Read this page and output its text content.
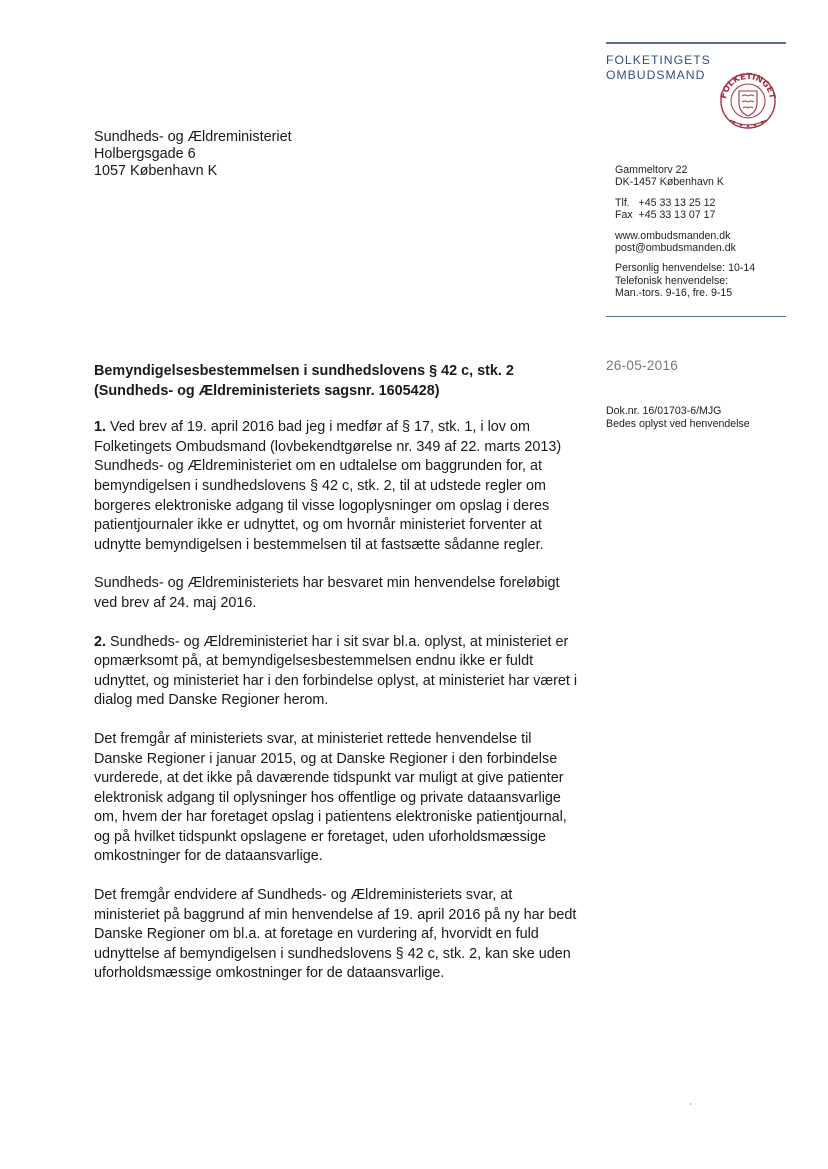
FOLKETINGETS
OMBUDSMAND
FOLKETINGET
Sundheds- og Ældreministeriet
Holbergsgade 6
1057 København K	Gammeltorv 22
DK-1457 København K
Tlf.   +45 33 13 25 12
Fax  +45 33 13 07 17
www.ombudsmanden.dk
post@ombudsmanden.dk
Personlig henvendelse: 10-14
Telefonisk henvendelse:
Man.-tors. 9-16, fre. 9-15
26-05-2016
Dok.nr. 16/01703-6/MJG
Bedes oplyst ved henvendelse
Bemyndigelsesbestemmelsen i sundhedslovens § 42 c, stk. 2 (Sundheds- og Ældreministeriets sagsnr. 1605428)

1. Ved brev af 19. april 2016 bad jeg i medfør af § 17, stk. 1, i lov om Folketingets Ombudsmand (lovbekendtgørelse nr. 349 af 22. marts 2013) Sundheds- og Ældreministeriet om en udtalelse om baggrunden for, at bemyndigelsen i sundhedslovens § 42 c, stk. 2, til at udstede regler om borgeres elektroniske adgang til visse logoplysninger om opslag i deres patientjournaler ikke er udnyttet, og om hvornår ministeriet forventer at udnytte bemyndigelsen i bestemmelsen til at fastsætte sådanne regler.

Sundheds- og Ældreministeriets har besvaret min henvendelse foreløbigt ved brev af 24. maj 2016.

2. Sundheds- og Ældreministeriet har i sit svar bl.a. oplyst, at ministeriet er opmærksomt på, at bemyndigelsesbestemmelsen endnu ikke er fuldt udnyttet, og ministeriet har i den forbindelse oplyst, at ministeriet har været i dialog med Danske Regioner herom.

Det fremgår af ministeriets svar, at ministeriet rettede henvendelse til Danske Regioner i januar 2015, og at Danske Regioner i den forbindelse vurderede, at det ikke på daværende tidspunkt var muligt at give patienter elektronisk adgang til oplysninger hos offentlige og private dataansvarlige om, hvem der har foretaget opslag i patientens elektroniske patientjournal, og på hvilket tidspunkt opslagene er foretaget, uden uforholdsmæssige omkostninger for de dataansvarlige.

Det fremgår endvidere af Sundheds- og Ældreministeriets svar, at ministeriet på baggrund af min henvendelse af 19. april 2016 på ny har bedt Danske Regioner om bl.a. at foretage en vurdering af, hvorvidt en fuld udnyttelse af bemyndigelsen i sundhedslovens § 42 c, stk. 2, kan ske uden uforholdsmæssige omkostninger for de dataansvarlige.
